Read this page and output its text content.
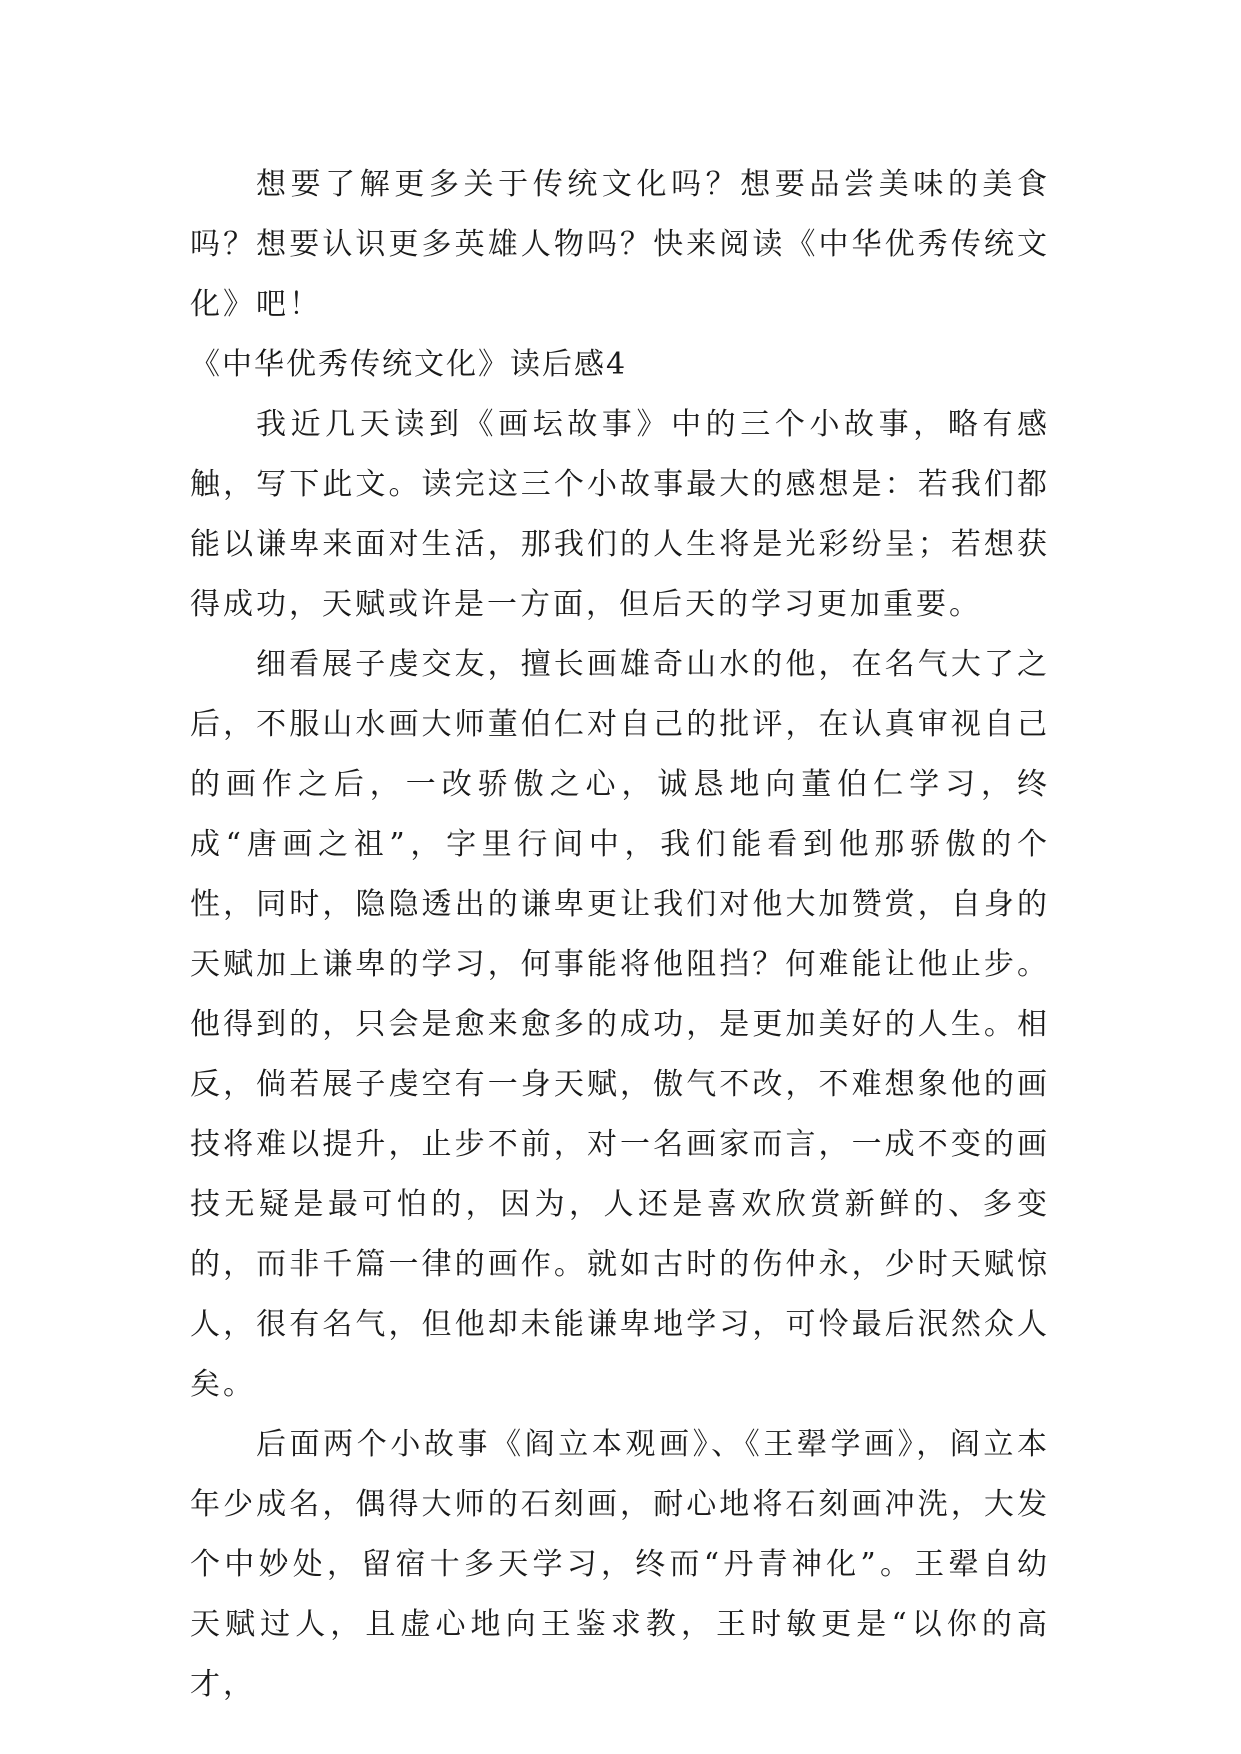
想要了解更多关于传统文化吗？想要品尝美味的美食吗？想要认识更多英雄人物吗？快来阅读《中华优秀传统文化》吧！

《中华优秀传统文化》读后感4

我近几天读到《画坛故事》中的三个小故事，略有感触，写下此文。读完这三个小故事最大的感想是：若我们都能以谦卑来面对生活，那我们的人生将是光彩纷呈；若想获得成功，天赋或许是一方面，但后天的学习更加重要。

细看展子虔交友，擅长画雄奇山水的他，在名气大了之后，不服山水画大师董伯仁对自己的批评，在认真审视自己的画作之后，一改骄傲之心，诚恳地向董伯仁学习，终成“唐画之祖”，字里行间中，我们能看到他那骄傲的个性，同时，隐隐透出的谦卑更让我们对他大加赞赏，自身的天赋加上谦卑的学习，何事能将他阻挡？何难能让他止步。他得到的，只会是愈来愈多的成功，是更加美好的人生。相反，倘若展子虔空有一身天赋，傲气不改，不难想象他的画技将难以提升，止步不前，对一名画家而言，一成不变的画技无疑是最可怕的，因为，人还是喜欢欣赏新鲜的、多变的，而非千篇一律的画作。就如古时的伤仲永，少时天赋惊人，很有名气，但他却未能谦卑地学习，可怜最后泯然众人矣。

后面两个小故事《阎立本观画》、《王翚学画》，阎立本年少成名，偶得大师的石刻画，耐心地将石刻画冲洗，大发个中妙处，留宿十多天学习，终而“丹青神化”。王翚自幼天赋过人，且虚心地向王鉴求教，王时敏更是“以你的高才，
